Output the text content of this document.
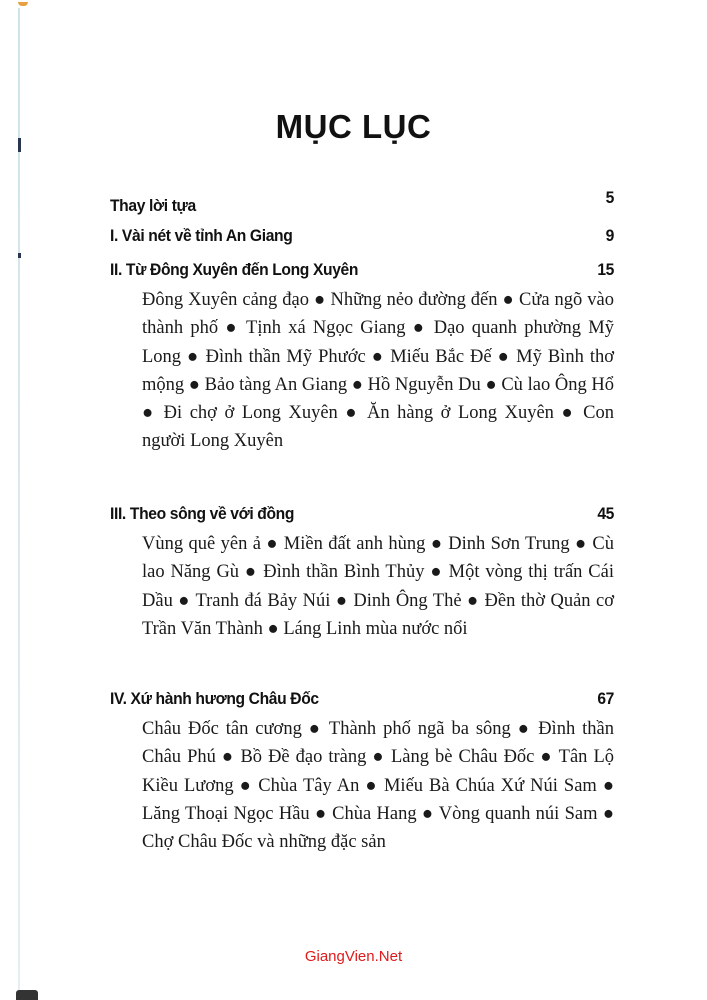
MỤC LỤC
Thay lời tựa	5
I. Vài nét về tỉnh An Giang	9
II. Từ Đông Xuyên đến Long Xuyên	15
Đông Xuyên cảng đạo ● Những nẻo đường đến ● Cửa ngõ vào thành phố ● Tịnh xá Ngọc Giang ● Dạo quanh phường Mỹ Long ● Đình thần Mỹ Phước ● Miếu Bắc Đế ● Mỹ Bình thơ mộng ● Bảo tàng An Giang ● Hồ Nguyễn Du ● Cù lao Ông Hổ ● Đi chợ ở Long Xuyên ● Ăn hàng ở Long Xuyên ● Con người Long Xuyên
III. Theo sông về với đồng	45
Vùng quê yên ả ● Miền đất anh hùng ● Dinh Sơn Trung ● Cù lao Năng Gù ● Đình thần Bình Thủy ● Một vòng thị trấn Cái Dầu ● Tranh đá Bảy Núi ● Dinh Ông Thẻ ● Đền thờ Quản cơ Trần Văn Thành ● Láng Linh mùa nước nổi
IV. Xứ hành hương Châu Đốc	67
Châu Đốc tân cương ● Thành phố ngã ba sông ● Đình thần Châu Phú ● Bồ Đề đạo tràng ● Làng bè Châu Đốc ● Tân Lộ Kiều Lương ● Chùa Tây An ● Miếu Bà Chúa Xứ Núi Sam ● Lăng Thoại Ngọc Hầu ● Chùa Hang ● Vòng quanh núi Sam ● Chợ Châu Đốc và những đặc sản
GiangVien.Net
